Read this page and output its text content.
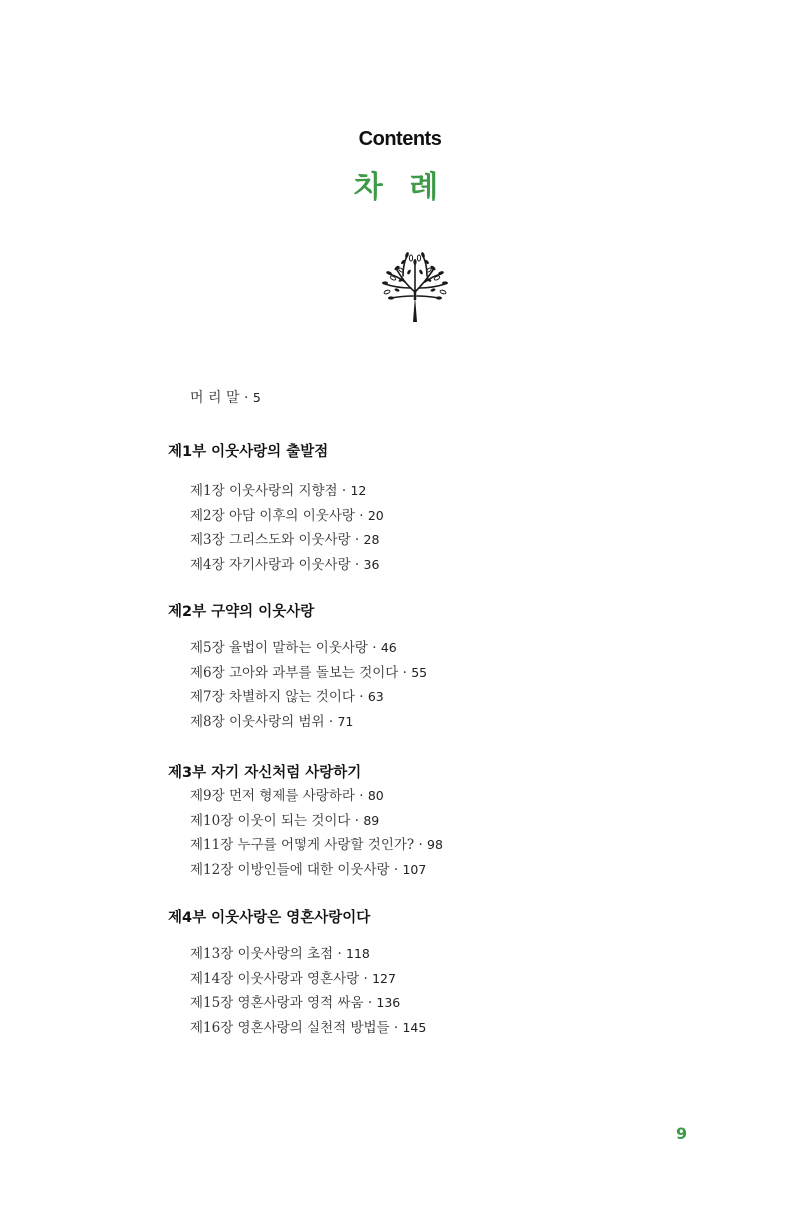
Contents
차 례
머 리 말 · 5
제1부 이웃사랑의 출발점
제1장 이웃사랑의 지향점 · 12
제2장 아담 이후의 이웃사랑 · 20
제3장 그리스도와 이웃사랑 · 28
제4장 자기사랑과 이웃사랑 · 36
제2부 구약의 이웃사랑
제5장 율법이 말하는 이웃사랑 · 46
제6장 고아와 과부를 돌보는 것이다 · 55
제7장 차별하지 않는 것이다 · 63
제8장 이웃사랑의 범위 · 71
제3부 자기 자신처럼 사랑하기
제9장 먼저 형제를 사랑하라 · 80
제10장 이웃이 되는 것이다 · 89
제11장 누구를 어떻게 사랑할 것인가? · 98
제12장 이방인들에 대한 이웃사랑 · 107
제4부 이웃사랑은 영혼사랑이다
제13장 이웃사랑의 초점 · 118
제14장 이웃사랑과 영혼사랑 · 127
제15장 영혼사랑과 영적 싸움 · 136
제16장 영혼사랑의 실천적 방법들 · 145
9
